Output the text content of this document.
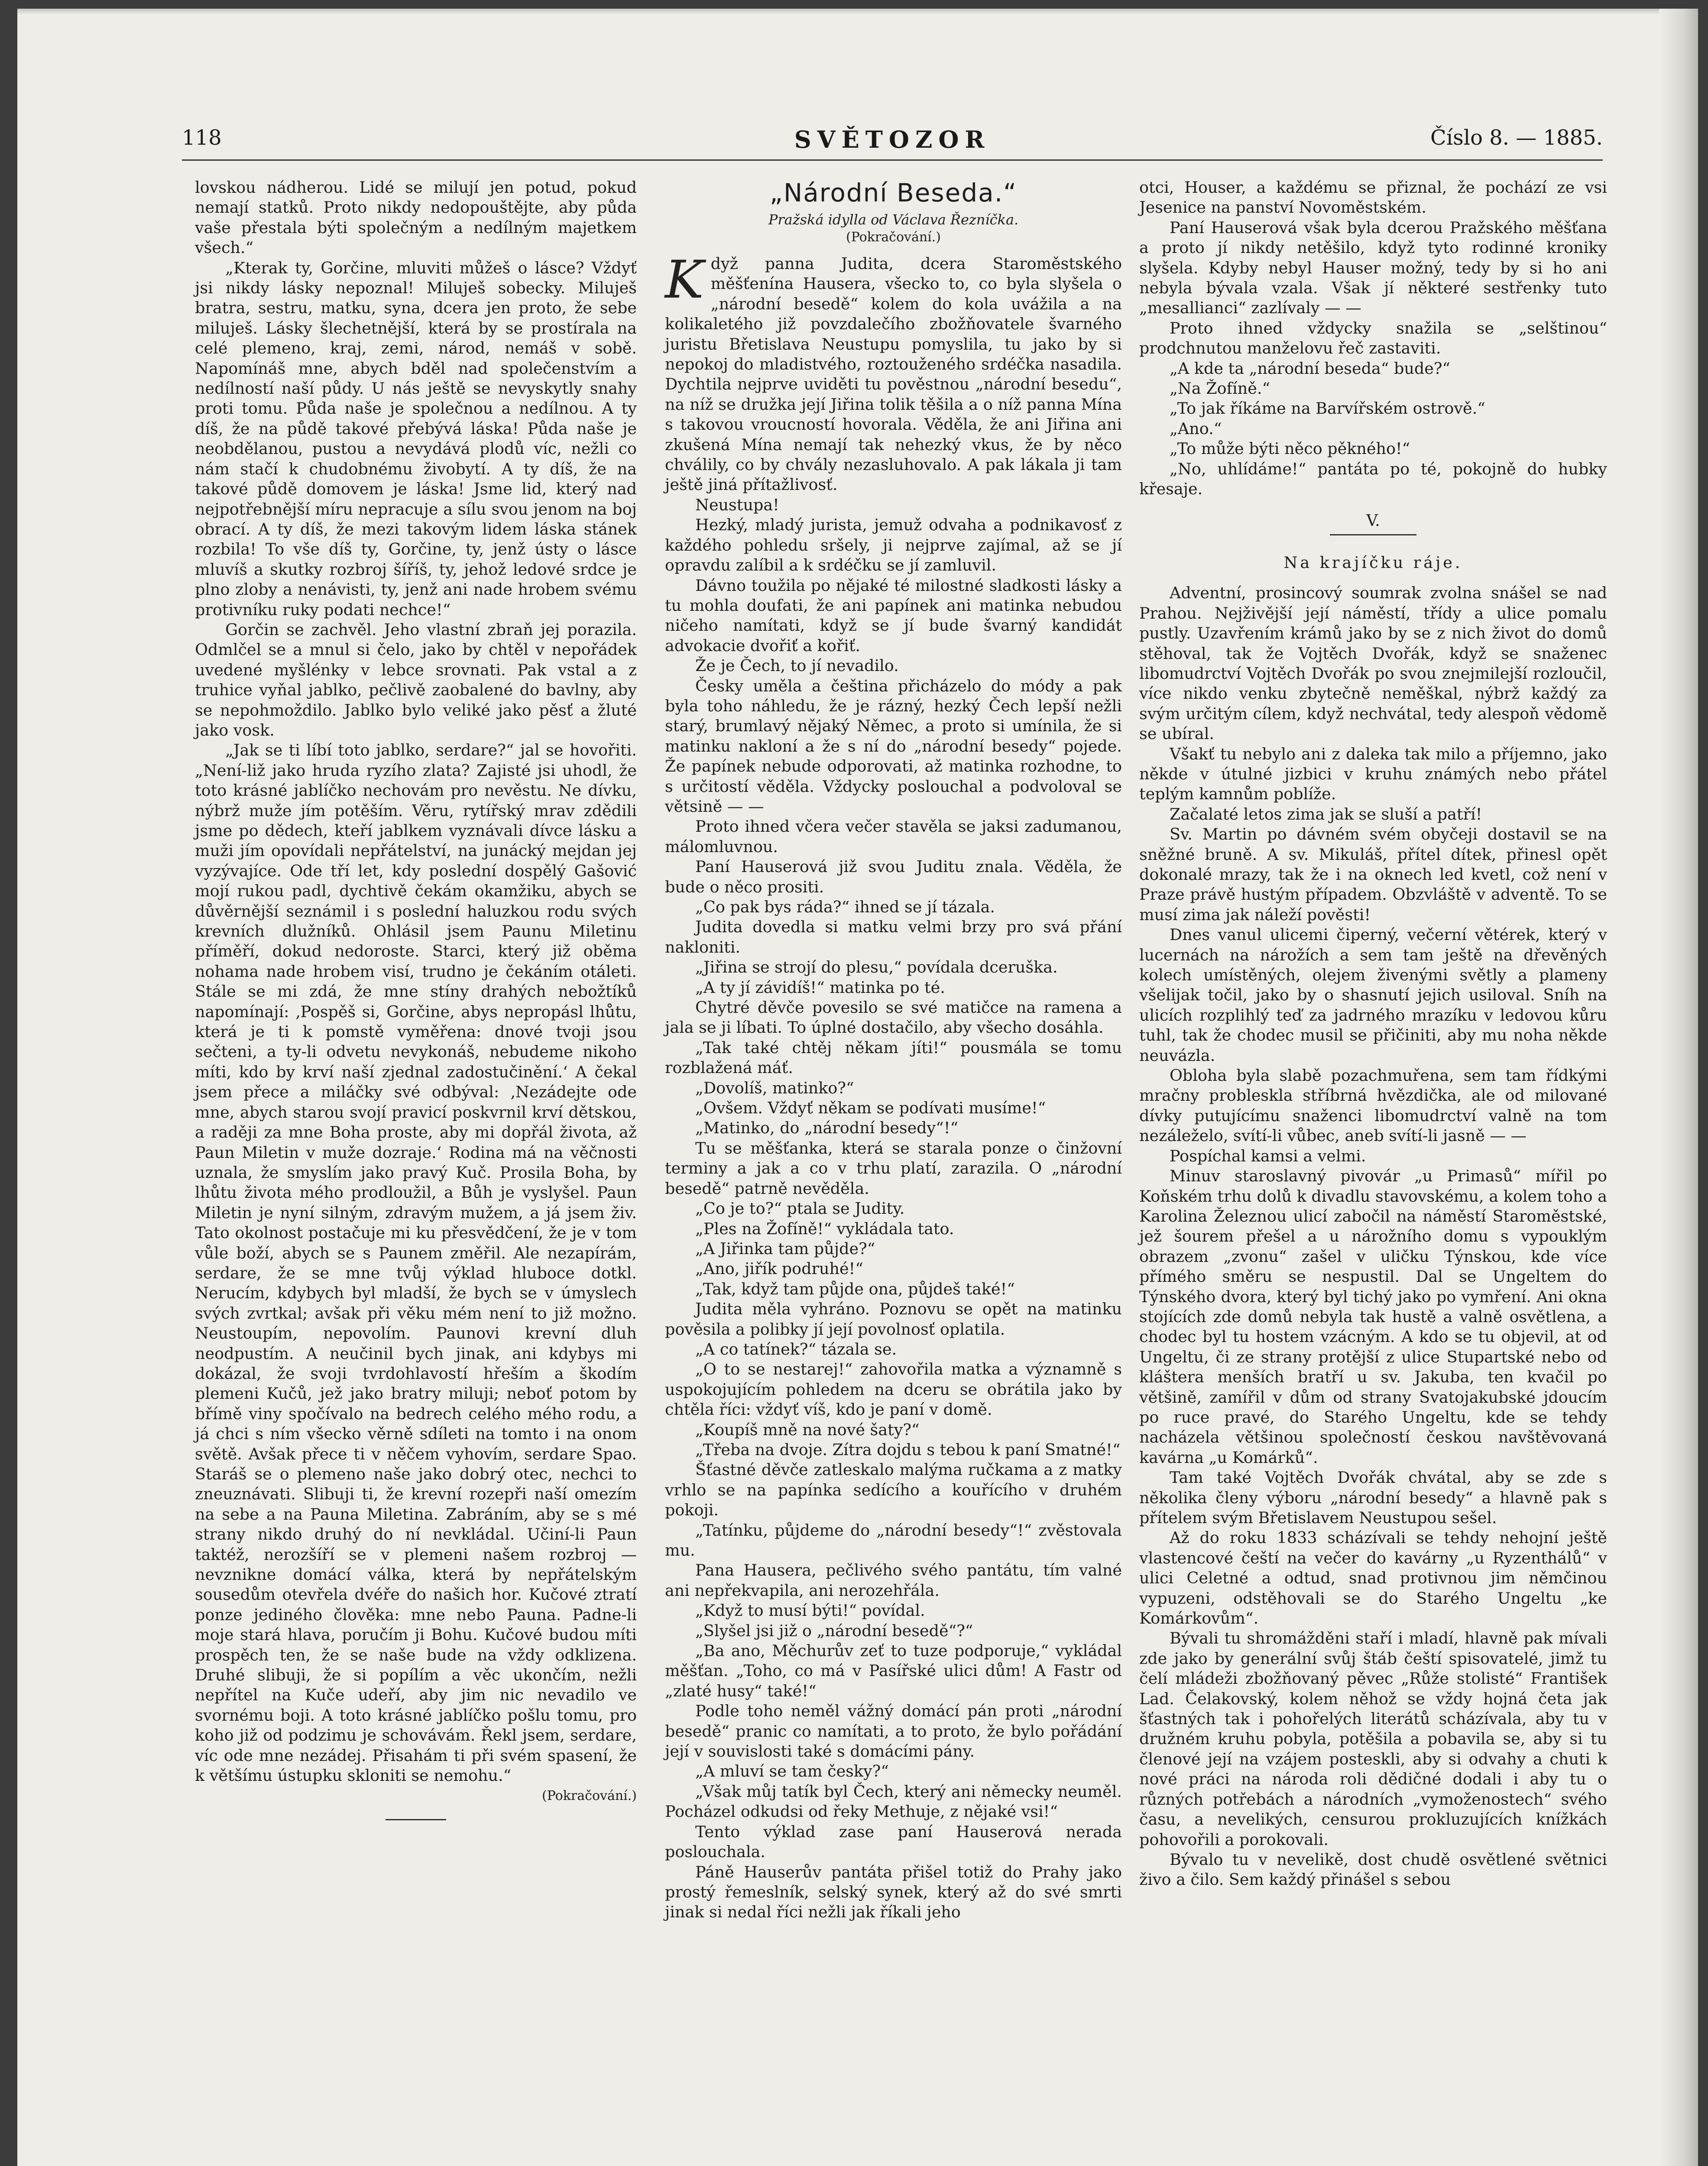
118	SVĚTOZOR	Číslo 8. — 1885.

lovskou nádherou. Lidé se milují jen potud, pokud nemají statků. Proto nikdy nedopouštějte, aby půda vaše přestala býti společným a nedílným majetkem všech.“

„Kterak ty, Gorčine, mluviti můžeš o lásce? Vždyť jsi nikdy lásky nepoznal! Miluješ sobecky. Miluješ bratra, sestru, matku, syna, dcera jen proto, že sebe miluješ. Lásky šlechetnější, která by se prostírala na celé plemeno, kraj, zemi, národ, nemáš v sobě. Napomínáš mne, abych bděl nad společenstvím a nedílností naší půdy. U nás ještě se nevyskytly snahy proti tomu. Půda naše je společnou a nedílnou. A ty díš, že na půdě takové přebývá láska! Půda naše je neobdělanou, pustou a nevydává plodů víc, nežli co nám stačí k chudobnému živobytí. A ty díš, že na takové půdě domovem je láska! Jsme lid, který nad nejpotřebnější míru nepracuje a sílu svou jenom na boj obrací. A ty díš, že mezi takovým lidem láska stánek rozbila! To vše díš ty, Gorčine, ty, jenž ústy o lásce mluvíš a skutky rozbroj šíříš, ty, jehož ledové srdce je plno zloby a nenávisti, ty, jenž ani nade hrobem svému protivníku ruky podati nechce!“

Gorčin se zachvěl. Jeho vlastní zbraň jej porazila. Odmlčel se a mnul si čelo, jako by chtěl v nepořádek uvedené myšlénky v lebce srovnati. Pak vstal a z truhice vyňal jablko, pečlivě zaobalené do bavlny, aby se nepohmoždilo. Jablko bylo veliké jako pěsť a žluté jako vosk.

„Jak se ti líbí toto jablko, serdare?“ jal se hovořiti. „Není-liž jako hruda ryzího zlata? Zajisté jsi uhodl, že toto krásné jablíčko nechovám pro nevěstu. Ne dívku, nýbrž muže jím potěším. Věru, rytířský mrav zdědili jsme po dědech, kteří jablkem vyznávali dívce lásku a muži jím opovídali nepřátelství, na junácký mejdan jej vyzývajíce. Ode tří let, kdy poslední dospělý Gašović mojí rukou padl, dychtivě čekám okamžiku, abych se důvěrnější seznámil i s poslední haluzkou rodu svých krevních dlužníků. Ohlásil jsem Paunu Miletinu příměří, dokud nedoroste. Starci, který již oběma nohama nade hrobem visí, trudno je čekáním otáleti. Stále se mi zdá, že mne stíny drahých nebožtíků napomínají: ‚Pospěš si, Gorčine, abys nepropásl lhůtu, která je ti k pomstě vyměřena: dnové tvoji jsou sečteni, a ty-li odvetu nevykonáš, nebudeme nikoho míti, kdo by krví naší zjednal zadostučinění.‘ A čekal jsem přece a miláčky své odbýval: ‚Nezádejte ode mne, abych starou svojí pravicí poskvrnil krví dětskou, a raději za mne Boha proste, aby mi dopřál života, až Paun Miletin v muže dozraje.‘ Rodina má na věčnosti uznala, že smyslím jako pravý Kuč. Prosila Boha, by lhůtu života mého prodloužil, a Bůh je vyslyšel. Paun Miletin je nyní silným, zdravým mužem, a já jsem živ. Tato okolnost postačuje mi ku přesvědčení, že je v tom vůle boží, abych se s Paunem změřil. Ale nezapírám, serdare, že se mne tvůj výklad hluboce dotkl. Nerucím, kdybych byl mladší, že bych se v úmyslech svých zvrtkal; avšak při věku mém není to již možno. Neustoupím, nepovolím. Paunovi krevní dluh neodpustím. A neučinil bych jinak, ani kdybys mi dokázal, že svoji tvrdohlavostí hřeším a škodím plemeni Kučů, jež jako bratry miluji; neboť potom by břímě viny spočívalo na bedrech celého mého rodu, a já chci s ním všecko věrně sdíleti na tomto i na onom světě. Avšak přece ti v něčem vyhovím, serdare Spao. Staráš se o plemeno naše jako dobrý otec, nechci to zneuznávati. Slibuji ti, že krevní rozepři naší omezím na sebe a na Pauna Miletina. Zabráním, aby se s mé strany nikdo druhý do ní nevkládal. Učiní-li Paun taktéž, nerozšíří se v plemeni našem rozbroj — nevznikne domácí válka, která by nepřátelským sousedům otevřela dvéře do našich hor. Kučové ztratí ponze jediného člověka: mne nebo Pauna. Padne-li moje stará hlava, poručím ji Bohu. Kučové budou míti prospěch ten, že se naše bude na vždy odklizena. Druhé slibuji, že si popílím a věc ukončím, nežli nepřítel na Kuče udeří, aby jim nic nevadilo ve svornému boji. A toto krásné jablíčko pošlu tomu, pro koho již od podzimu je schovávám. Řekl jsem, serdare, víc ode mne nezádej. Přisahám ti při svém spasení, že k většímu ústupku skloniti se nemohu.“

(Pokračování.)

„Národní Beseda.“
Pražská idylla od Václava Řezníčka.
(Pokračování.)

Když panna Judita, dcera Staroměstského měšťenína Hausera, všecko to, co byla slyšela o „národní besedě“ kolem do kola uvážila a na kolikaletého již povzdalečího zbožňovatele švarného juristu Břetislava Neustupu pomyslila, tu jako by si nepokoj do mladistvého, roztouženého srdéčka nasadila. Dychtila nejprve uviděti tu pověstnou „národní besedu“, na níž se družka její Jiřina tolik těšila a o níž panna Mína s takovou vroucností hovorala. Věděla, že ani Jiřina ani zkušená Mína nemají tak nehezký vkus, že by něco chválily, co by chvály nezasluhovalo. A pak lákala ji tam ještě jiná přítažlivosť.

Neustupa!

Hezký, mladý jurista, jemuž odvaha a podnikavosť z každého pohledu sršely, ji nejprve zajímal, až se jí opravdu zalíbil a k srdéčku se jí zamluvil.

Dávno toužila po nějaké té milostné sladkosti lásky a tu mohla doufati, že ani papínek ani matinka nebudou ničeho namítati, když se jí bude švarný kandidát advokacie dvořiť a kořiť.

Že je Čech, to jí nevadilo.

Česky uměla a čeština přicházelo do módy a pak byla toho náhledu, že je rázný, hezký Čech lepší nežli starý, brumlavý nějaký Němec, a proto si umínila, že si matinku nakloní a že s ní do „národní besedy“ pojede. Že papínek nebude odporovati, až matinka rozhodne, to s určitostí věděla. Vždycky poslouchal a podvoloval se větsině — —

Proto ihned včera večer stavěla se jaksi zadumanou, málomluvnou.

Paní Hauserová již svou Juditu znala. Věděla, že bude o něco prositi.

„Co pak bys ráda?“ ihned se jí tázala.

Judita dovedla si matku velmi brzy pro svá přání nakloniti.

„Jiřina se strojí do plesu,“ povídala dceruška.

„A ty jí závidíš!“ matinka po té.

Chytré děvče povesilo se své matičce na ramena a jala se ji líbati. To úplné dostačilo, aby všecho dosáhla.

„Tak také chtěj někam jíti!“ pousmála se tomu rozblažená máť.

„Dovolíš, matinko?“

„Ovšem. Vždyť někam se podívati musíme!“

„Matinko, do „národní besedy“!“

Tu se měšťanka, která se starala ponze o činžovní terminy a jak a co v trhu platí, zarazila. O „národní besedě“ patrně nevěděla.

„Co je to?“ ptala se Judity.

„Ples na Žofíně!“ vykládala tato.

„A Jiřinka tam půjde?“

„Ano, jiřík podruhé!“

„Tak, když tam půjde ona, půjdeš také!“

Judita měla vyhráno. Poznovu se opět na matinku pověsila a polibky jí její povolnosť oplatila.

„A co tatínek?“ tázala se.

„O to se nestarej!“ zahovořila matka a významně s uspokojujícím pohledem na dceru se obrátila jako by chtěla říci: vždyť víš, kdo je paní v domě.

„Koupíš mně na nové šaty?“

„Třeba na dvoje. Zítra dojdu s tebou k paní Smatné!“

Šťastné děvče zatleskalo malýma ručkama a z matky vrhlo se na papínka sedícího a kouřícího v druhém pokoji.

„Tatínku, půjdeme do „národní besedy“!“ zvěstovala mu.

Pana Hausera, pečlivého svého pantátu, tím valné ani nepřekvapila, ani nerozehřála.

„Když to musí býti!“ povídal.

„Slyšel jsi již o „národní besedě“?“

„Ba ano, Měchurův zeť to tuze podporuje,“ vykládal měšťan. „Toho, co má v Pasířské ulici dům! A Fastr od „zlaté husy“ také!“

Podle toho neměl vážný domácí pán proti „národní besedě“ pranic co namítati, a to proto, že bylo pořádání její v souvislosti také s domácími pány.

„A mluví se tam česky?“

„Však můj tatík byl Čech, který ani německy neuměl. Pocházel odkudsi od řeky Methuje, z nějaké vsi!“

Tento výklad zase paní Hauserová nerada poslouchala.

Páně Hauserův pantáta přišel totiž do Prahy jako prostý řemeslník, selský synek, který až do své smrti jinak si nedal říci nežli jak říkali jeho

otci, Houser, a každému se přiznal, že pochází ze vsi Jesenice na panství Novoměstském.

Paní Hauserová však byla dcerou Pražského měšťana a proto jí nikdy netěšilo, když tyto rodinné kroniky slyšela. Kdyby nebyl Hauser možný, tedy by si ho ani nebyla bývala vzala. Však jí některé sestřenky tuto „mesallianci“ zazlívaly — —

Proto ihned vždycky snažila se „selštinou“ prodchnutou manželovu řeč zastaviti.

„A kde ta „národní beseda“ bude?“

„Na Žofíně.“

„To jak říkáme na Barvířském ostrově.“

„Ano.“

„To může býti něco pěkného!“

„No, uhlídáme!“ pantáta po té, pokojně do hubky křesaje.

V.
Na krajíčku ráje.

Adventní, prosincový soumrak zvolna snášel se nad Prahou. Nejživější její náměstí, třídy a ulice pomalu pustly. Uzavřením krámů jako by se z nich život do domů stěhoval, tak že Vojtěch Dvořák, když se snaženec libomudrctví Vojtěch Dvořák po svou znejmilejší rozloučil, více nikdo venku zbytečně neměškal, nýbrž každý za svým určitým cílem, když nechvátal, tedy alespoň vědomě se ubíral.

Všakť tu nebylo ani z daleka tak milo a příjemno, jako někde v útulné jizbici v kruhu známých nebo přátel teplým kamnům poblíže.

Začalaté letos zima jak se sluší a patří!

Sv. Martin po dávném svém obyčeji dostavil se na sněžné bruně. A sv. Mikuláš, přítel dítek, přinesl opět dokonalé mrazy, tak že i na oknech led kvetl, což není v Praze právě hustým případem. Obzvláště v adventě. To se musí zima jak náleží pověsti!

Dnes vanul ulicemi čiperný, večerní větérek, který v lucernách na nárožích a sem tam ještě na dřevěných kolech umístěných, olejem živenými světly a plameny všelijak točil, jako by o shasnutí jejich usiloval. Sníh na ulicích rozplihlý teď za jadrného mrazíku v ledovou kůru tuhl, tak že chodec musil se přičiniti, aby mu noha někde neuvázla.

Obloha byla slabě pozachmuřena, sem tam řídkými mračny probleskla stříbrná hvězdička, ale od milované dívky putujícímu snaženci libomudrctví valně na tom nezáleželo, svítí-li vůbec, aneb svítí-li jasně — —

Pospíchal kamsi a velmi.

Minuv staroslavný pivovár „u Primasů“ mířil po Koňském trhu dolů k divadlu stavovskému, a kolem toho a Karolina Železnou ulicí zabočil na náměstí Staroměstské, jež šourem přešel a u nárožního domu s vypouklým obrazem „zvonu“ zašel v uličku Týnskou, kde více přímého směru se nespustil. Dal se Ungeltem do Týnského dvora, který byl tichý jako po vymření. Ani okna stojících zde domů nebyla tak hustě a valně osvětlena, a chodec byl tu hostem vzácným. A kdo se tu objevil, at od Ungeltu, či ze strany protější z ulice Stupartské nebo od kláštera menších bratří u sv. Jakuba, ten kvačil po většině, zamířil v dům od strany Svatojakubské jdoucím po ruce pravé, do Starého Ungeltu, kde se tehdy nacházela většinou společností českou navštěvovaná kavárna „u Komárků“.

Tam také Vojtěch Dvořák chvátal, aby se zde s několika členy výboru „národní besedy“ a hlavně pak s přítelem svým Břetislavem Neustupou sešel.

Až do roku 1833 scházívali se tehdy nehojní ještě vlastencové čeští na večer do kavárny „u Ryzenthálů“ v ulici Celetné a odtud, snad protivnou jim němčinou vypuzeni, odstěhovali se do Starého Ungeltu „ke Komárkovům“.

Bývali tu shromážděni staří i mladí, hlavně pak mívali zde jako by generální svůj štáb čeští spisovatelé, jimž tu čelí mládeži zbožňovaný pěvec „Růže stolisté“ František Lad. Čelakovský, kolem něhož se vždy hojná četa jak šťastných tak i pohořelých literátů scházívala, aby tu v družném kruhu pobyla, potěšila a pobavila se, aby si tu členové její na vzájem posteskli, aby si odvahy a chuti k nové práci na národa roli dědičné dodali i aby tu o různých potřebách a národních „vymoženostech“ svého času, a nevelikých, censurou prokluzujících knížkách pohovořili a porokovali.

Bývalo tu v nevelikě, dost chudě osvětlené světnici živo a čilo. Sem každý přinášel s sebou
